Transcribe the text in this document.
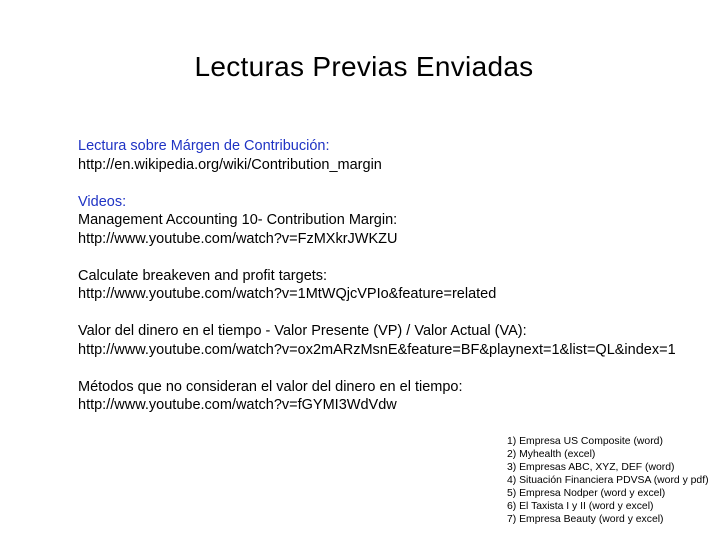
Lecturas Previas Enviadas
Lectura sobre Márgen de Contribución:
http://en.wikipedia.org/wiki/Contribution_margin
Videos:
Management Accounting 10- Contribution Margin:
http://www.youtube.com/watch?v=FzMXkrJWKZU
Calculate breakeven and profit targets:
http://www.youtube.com/watch?v=1MtWQjcVPIo&feature=related
Valor del dinero en el tiempo - Valor Presente (VP) / Valor Actual (VA):
http://www.youtube.com/watch?v=ox2mARzMsnE&feature=BF&playnext=1&list=QL&index=1
Métodos que no consideran el valor del dinero en el tiempo:
http://www.youtube.com/watch?v=fGYMI3WdVdw
1) Empresa US Composite (word)
2) Myhealth (excel)
3) Empresas ABC, XYZ, DEF (word)
4) Situación Financiera PDVSA (word y pdf)
5) Empresa Nodper (word y excel)
6) El Taxista I y II (word y excel)
7) Empresa Beauty (word y excel)
